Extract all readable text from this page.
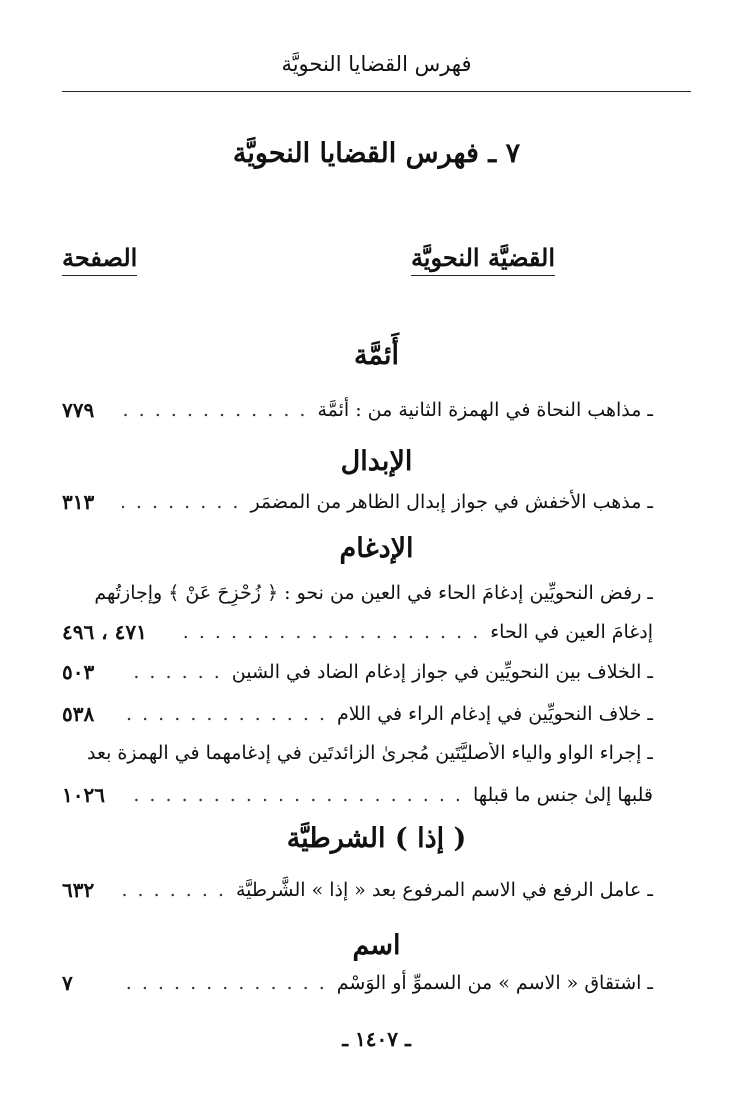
فهرس القضايا النحويَّة
٧ ـ فهرس القضايا النحويَّة
القضيَّة النحويَّة
الصفحة
أَئمَّة
ـ مذاهب النحاة في الهمزة الثانية من : أئمَّة
. . .
٧٧٩
الإبدال
ـ مذهب الأخفش في جواز إبدال الظاهر من المضمَر
. . .
٣١٣
الإدغام
ـ رفض النحويِّين إدغامَ الحاء في العين من نحو : ﴿ زُحْزِحَ عَنْ ﴾ وإجازتُهم
إدغامَ العين في الحاء
. . .
٤٧١ ، ٤٩٦
ـ الخلاف بين النحويِّين في جواز إدغام الضاد في الشين
. . .
٥٠٣
ـ خلاف النحويِّين في إدغام الراء في اللام
. . .
٥٣٨
ـ إجراء الواو والياء الأصليَّتَين مُجرىٰ الزائدتَين في إدغامهما في الهمزة بعد
قلبها إلىٰ جنس ما قبلها
. . .
١٠٢٦
( إذا ) الشرطيَّة
ـ عامل الرفع في الاسم المرفوع بعد « إذا » الشَّرطيَّة
. . .
٦٣٢
اسم
ـ اشتقاق « الاسم » من السموِّ أو الوَسْم
. . .
٧
ـ ١٤٠٧ ـ
